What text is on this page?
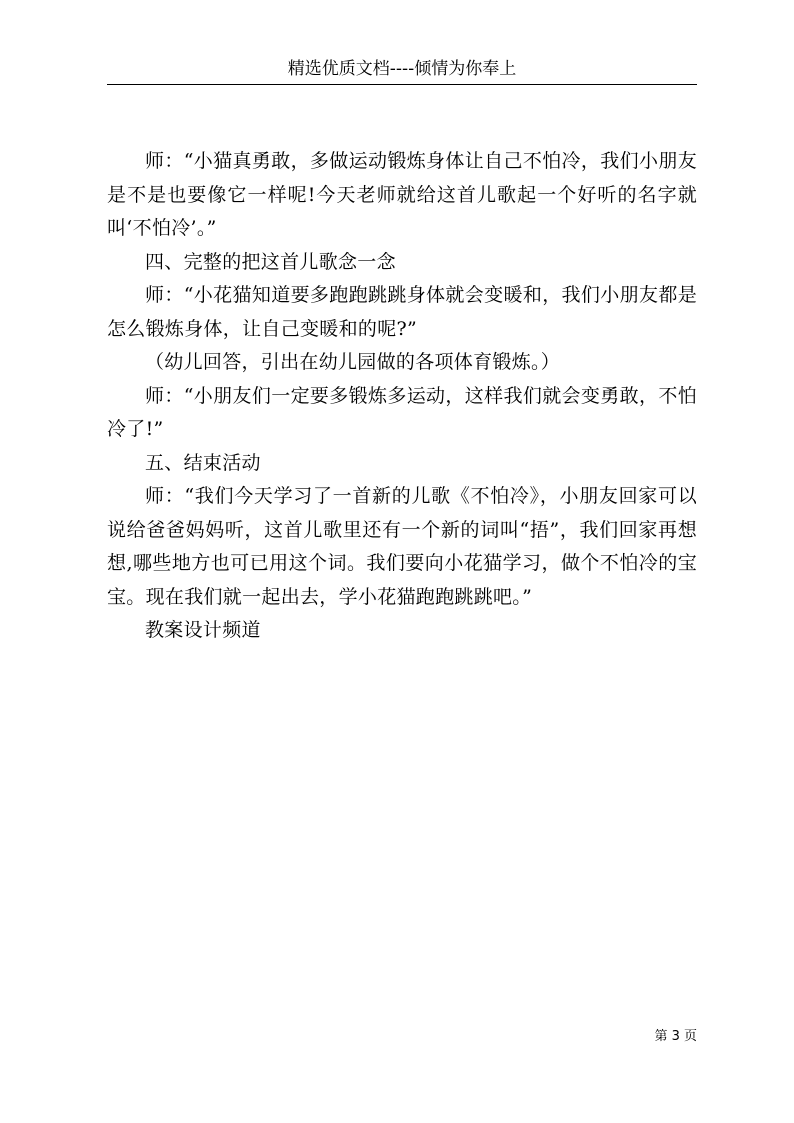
精选优质文档----倾情为你奉上

师：“小猫真勇敢，多做运动锻炼身体让自己不怕冷，我们小朋友是不是也要像它一样呢!今天老师就给这首儿歌起一个好听的名字就叫‘不怕冷’。”

四、完整的把这首儿歌念一念

师：“小花猫知道要多跑跑跳跳身体就会变暖和，我们小朋友都是怎么锻炼身体，让自己变暖和的呢?”

（幼儿回答，引出在幼儿园做的各项体育锻炼。）

师：“小朋友们一定要多锻炼多运动，这样我们就会变勇敢，不怕冷了!”

五、结束活动

师：“我们今天学习了一首新的儿歌《不怕冷》，小朋友回家可以说给爸爸妈妈听，这首儿歌里还有一个新的词叫“捂”，我们回家再想想,哪些地方也可已用这个词。我们要向小花猫学习，做个不怕冷的宝宝。现在我们就一起出去，学小花猫跑跑跳跳吧。”

教案设计频道

第 3 页
